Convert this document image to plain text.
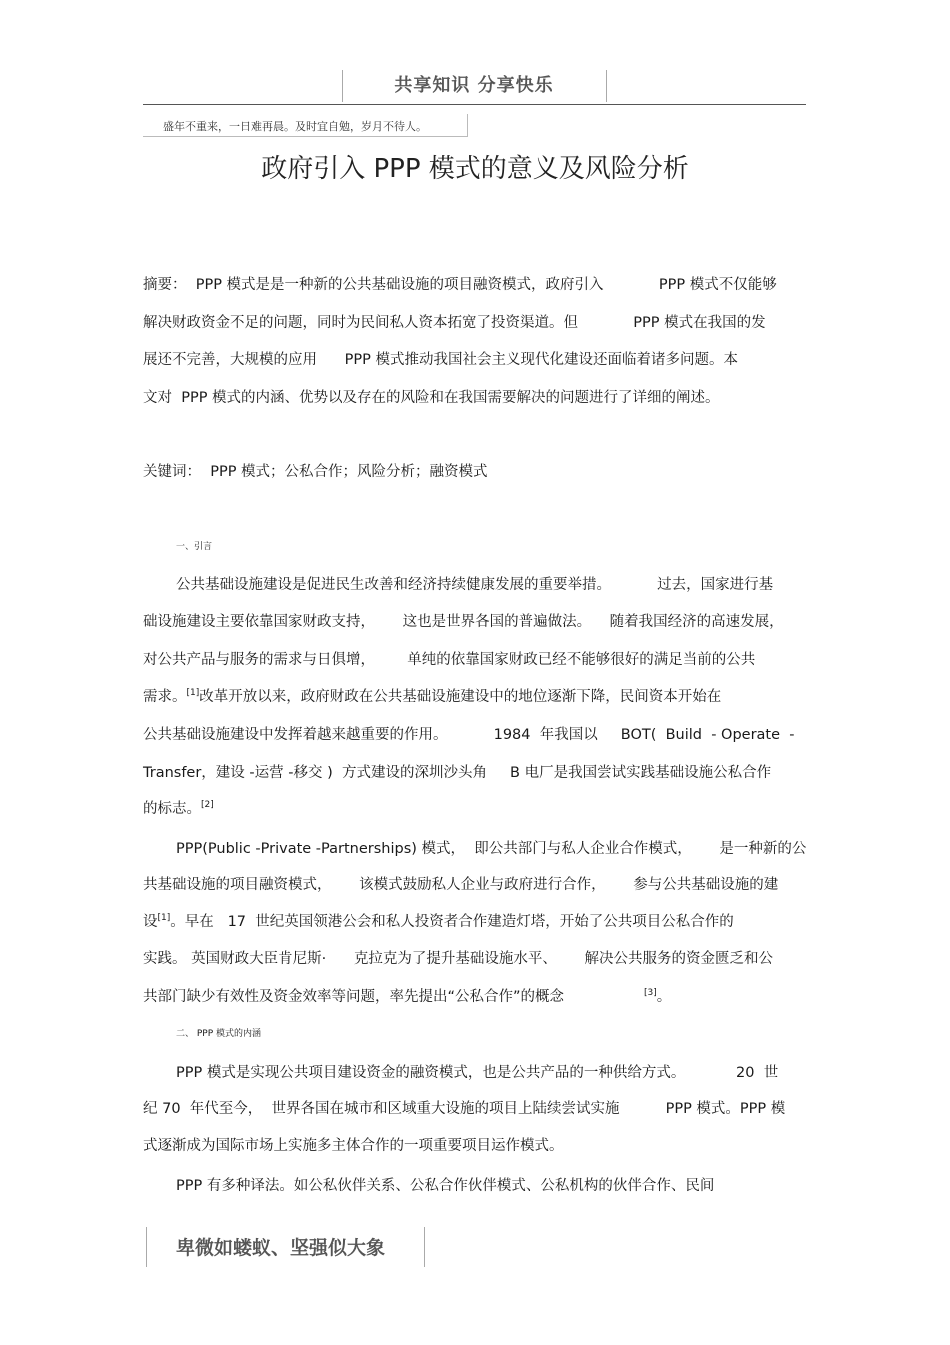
共享知识 分享快乐
盛年不重来，一日难再晨。及时宜自勉，岁月不待人。
政府引入 PPP 模式的意义及风险分析
摘要：  PPP 模式是是一种新的公共基础设施的项目融资模式，政府引入            PPP 模式不仅能够
解决财政资金不足的问题，同时为民间私人资本拓宽了投资渠道。但            PPP 模式在我国的发
展还不完善，大规模的应用      PPP 模式推动我国社会主义现代化建设还面临着诸多问题。本
文对  PPP 模式的内涵、优势以及存在的风险和在我国需要解决的问题进行了详细的阐述。
关键词：  PPP 模式；公私合作；风险分析；融资模式
一、引言
公共基础设施建设是促进民生改善和经济持续健康发展的重要举措。          过去，国家进行基
础设施建设主要依靠国家财政支持，      这也是世界各国的普遍做法。    随着我国经济的高速发展，
对公共产品与服务的需求与日俱增，       单纯的依靠国家财政已经不能够很好的满足当前的公共
需求。[1]改革开放以来，政府财政在公共基础设施建设中的地位逐渐下降，民间资本开始在
公共基础设施建设中发挥着越来越重要的作用。          1984  年我国以     BOT(  Build  - Operate  -
Transfer，建设 -运营 -移交 )  方式建设的深圳沙头角     B 电厂是我国尝试实践基础设施公私合作
的标志。[2]
PPP(Public -Private -Partnerships) 模式，  即公共部门与私人企业合作模式，      是一种新的公
共基础设施的项目融资模式，      该模式鼓励私人企业与政府进行合作，      参与公共基础设施的建
设[1]。早在   17  世纪英国领港公会和私人投资者合作建造灯塔，开始了公共项目公私合作的
实践。 英国财政大臣肯尼斯·      克拉克为了提升基础设施水平、      解决公共服务的资金匮乏和公
共部门缺少有效性及资金效率等问题，率先提出“公私合作”的概念	[3]。
二、 PPP 模式的内涵
PPP 模式是实现公共项目建设资金的融资模式，也是公共产品的一种供给方式。           20  世
纪 70  年代至今，  世界各国在城市和区域重大设施的项目上陆续尝试实施          PPP 模式。PPP 模
式逐渐成为国际市场上实施多主体合作的一项重要项目运作模式。
PPP 有多种译法。如公私伙伴关系、公私合作伙伴模式、公私机构的伙伴合作、民间
卑微如蝼蚁、坚强似大象
